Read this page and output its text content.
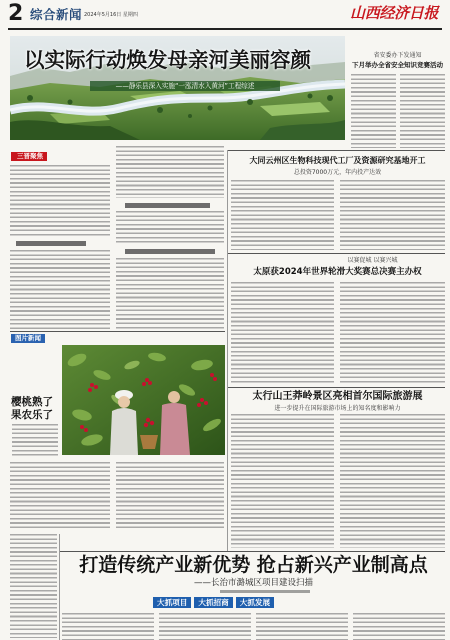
2 综合新闻 2024年5月16日 星期四	山西经济日报
以实际行动焕发母亲河美丽容颜
——静乐县深入实施“一泓清水入黄河”工程综述
省安委办下发通知
下月举办全省安全知识竞赛活动
三晋聚焦	大同云州区生物科技现代工厂及资源研究基地开工
总投资7000万元，年内投产达效
以赛促城 以赛兴城
太原获2024年世界轮滑大奖赛总决赛主办权
太行山王莽岭景区亮相首尔国际旅游展
进一步提升在国际旅游市场上的知名度和影响力
图片新闻
樱桃熟了
果农乐了
打造传统产业新优势 抢占新兴产业制高点
——长治市潞城区项目建设扫描
大抓项目	大抓招商	大抓发展
